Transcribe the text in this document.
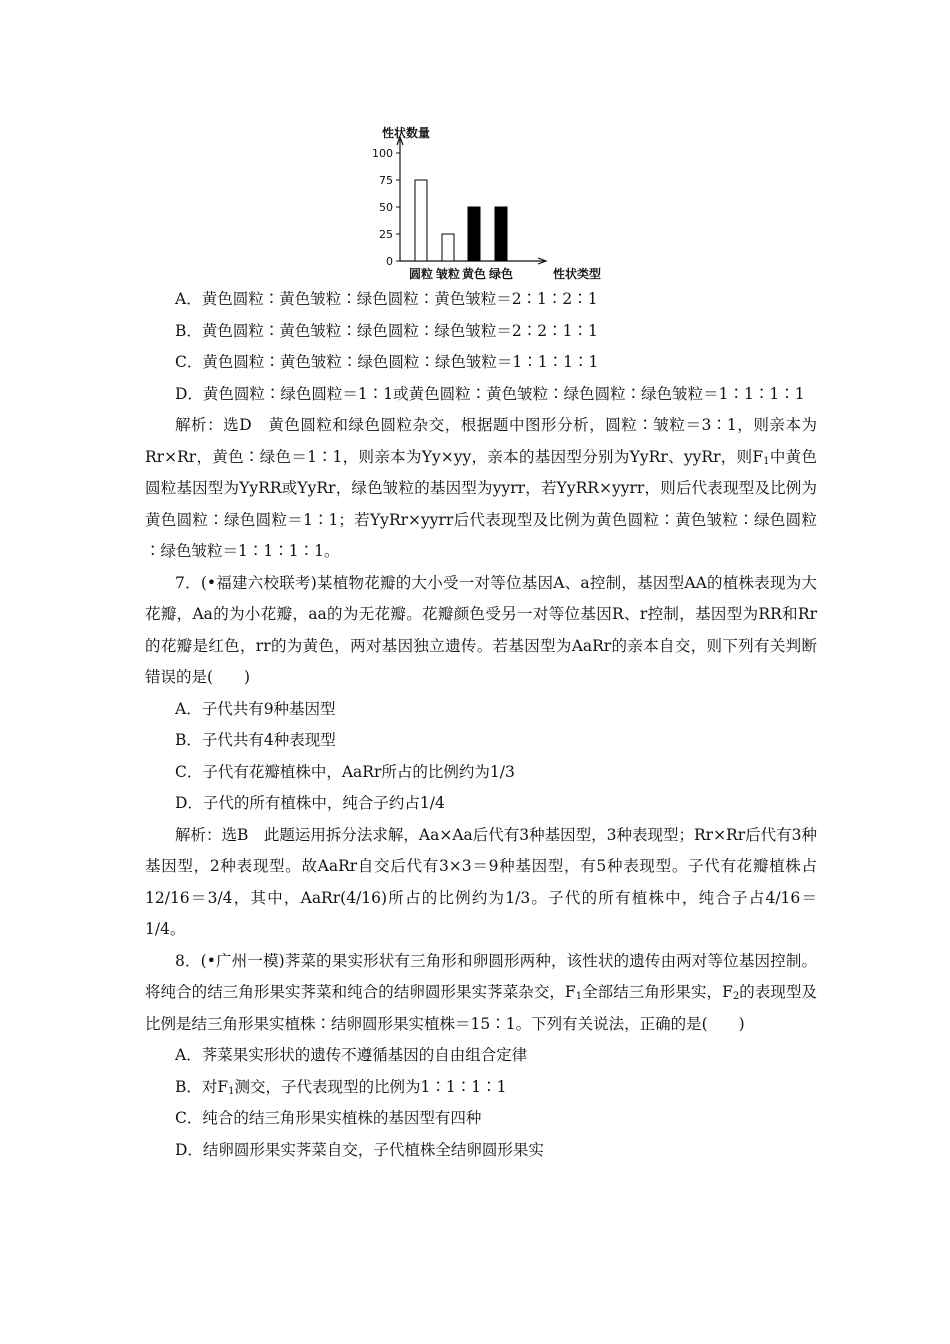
性状数量
0
25
50
75
100
圆粒 皱粒 黄色 绿色	性状类型

A．黄色圆粒∶黄色皱粒∶绿色圆粒∶黄色皱粒＝2∶1∶2∶1

B．黄色圆粒∶黄色皱粒∶绿色圆粒∶绿色皱粒＝2∶2∶1∶1

C．黄色圆粒∶黄色皱粒∶绿色圆粒∶绿色皱粒＝1∶1∶1∶1

D．黄色圆粒∶绿色圆粒＝1∶1或黄色圆粒∶黄色皱粒∶绿色圆粒∶绿色皱粒＝1∶1∶1∶1

解析：选D　黄色圆粒和绿色圆粒杂交，根据题中图形分析，圆粒∶皱粒＝3∶1，则亲本为Rr×Rr，黄色∶绿色＝1∶1，则亲本为Yy×yy，亲本的基因型分别为YyRr、yyRr，则$F_1$中黄色圆粒基因型为YyRR或YyRr，绿色皱粒的基因型为yyrr，若YyRR×yyrr，则后代表现型及比例为黄色圆粒∶绿色圆粒＝1∶1；若YyRr×yyrr后代表现型及比例为黄色圆粒∶黄色皱粒∶绿色圆粒∶绿色皱粒＝1∶1∶1∶1。

7．(•福建六校联考)某植物花瓣的大小受一对等位基因A、a控制，基因型AA的植株表现为大花瓣，Aa的为小花瓣，aa的为无花瓣。花瓣颜色受另一对等位基因R、r控制，基因型为RR和Rr的花瓣是红色，rr的为黄色，两对基因独立遗传。若基因型为AaRr的亲本自交，则下列有关判断错误的是(　　)

A．子代共有9种基因型

B．子代共有4种表现型

C．子代有花瓣植株中，AaRr所占的比例约为1/3

D．子代的所有植株中，纯合子约占1/4

解析：选B　此题运用拆分法求解，Aa×Aa后代有3种基因型，3种表现型；Rr×Rr后代有3种基因型，2种表现型。故AaRr自交后代有3×3＝9种基因型，有5种表现型。子代有花瓣植株占12/16＝3/4，其中，AaRr(4/16)所占的比例约为1/3。子代的所有植株中，纯合子占4/16＝1/4。

8．(•广州一模)荠菜的果实形状有三角形和卵圆形两种，该性状的遗传由两对等位基因控制。将纯合的结三角形果实荠菜和纯合的结卵圆形果实荠菜杂交，$F_1$全部结三角形果实，$F_2$的表现型及比例是结三角形果实植株∶结卵圆形果实植株＝15∶1。下列有关说法，正确的是(　　)

A．荠菜果实形状的遗传不遵循基因的自由组合定律

B．对$F_1$测交，子代表现型的比例为1∶1∶1∶1

C．纯合的结三角形果实植株的基因型有四种

D．结卵圆形果实荠菜自交，子代植株全结卵圆形果实
